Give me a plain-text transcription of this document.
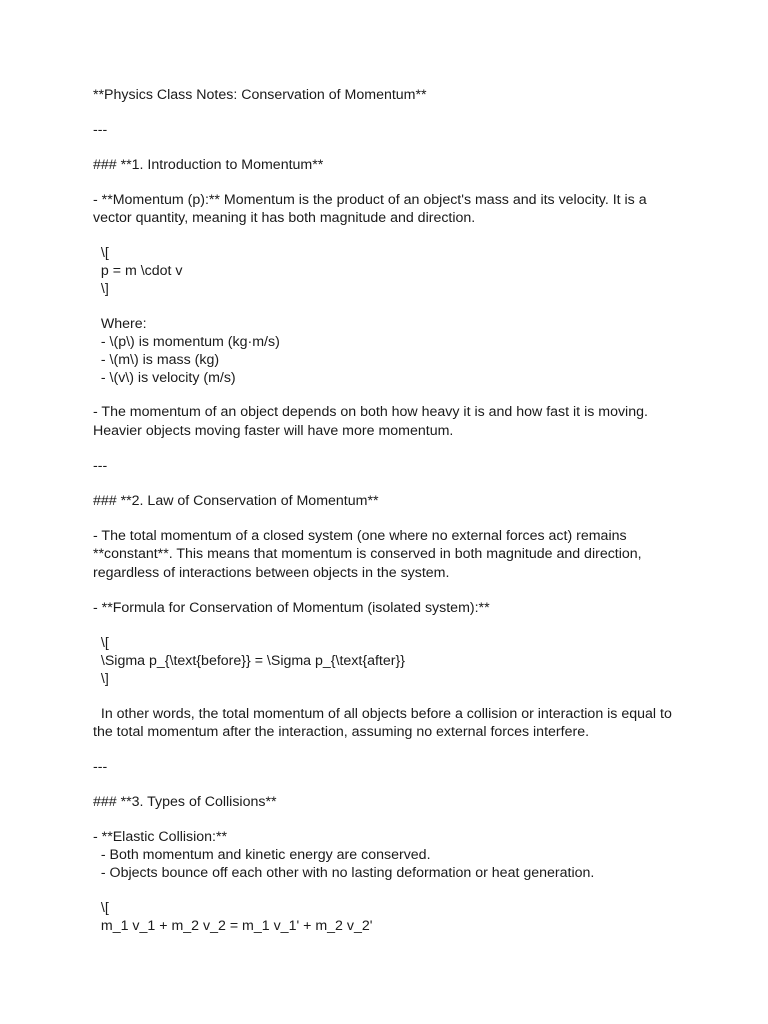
**Physics Class Notes: Conservation of Momentum**
---
### **1. Introduction to Momentum**
- **Momentum (p):** Momentum is the product of an object's mass and its velocity. It is a
vector quantity, meaning it has both magnitude and direction.
\[
p = m \cdot v
\]
Where:
- \(p\) is momentum (kg·m/s)
- \(m\) is mass (kg)
- \(v\) is velocity (m/s)
- The momentum of an object depends on both how heavy it is and how fast it is moving.
Heavier objects moving faster will have more momentum.
---
### **2. Law of Conservation of Momentum**
- The total momentum of a closed system (one where no external forces act) remains
**constant**. This means that momentum is conserved in both magnitude and direction,
regardless of interactions between objects in the system.
- **Formula for Conservation of Momentum (isolated system):**
\[
\Sigma p_{\text{before}} = \Sigma p_{\text{after}}
\]
In other words, the total momentum of all objects before a collision or interaction is equal to
the total momentum after the interaction, assuming no external forces interfere.
---
### **3. Types of Collisions**
- **Elastic Collision:**
- Both momentum and kinetic energy are conserved.
- Objects bounce off each other with no lasting deformation or heat generation.
\[
m_1 v_1 + m_2 v_2 = m_1 v_1' + m_2 v_2'
